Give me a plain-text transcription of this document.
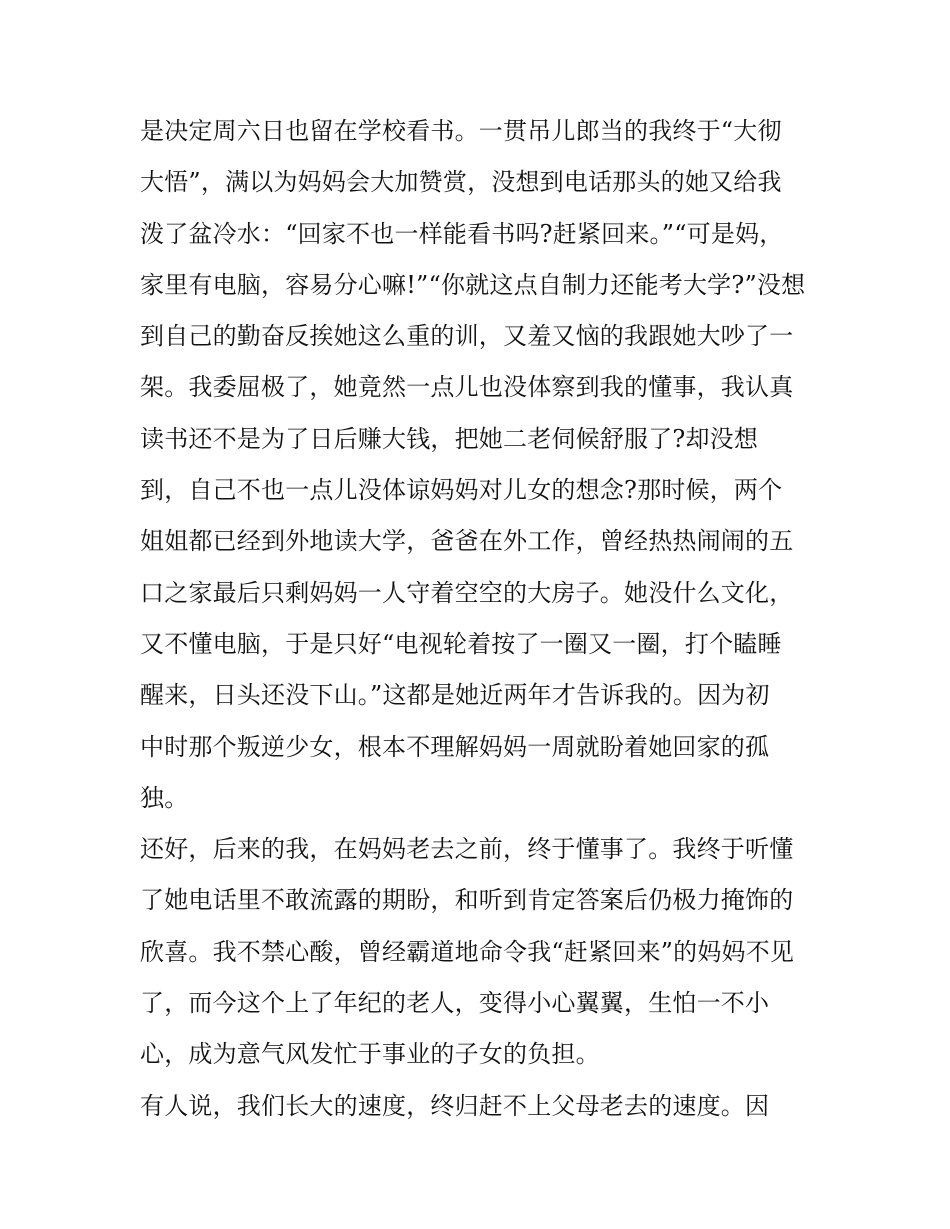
是决定周六日也留在学校看书。一贯吊儿郎当的我终于“大彻
大悟”，满以为妈妈会大加赞赏，没想到电话那头的她又给我
泼了盆冷水：“回家不也一样能看书吗?赶紧回来。”“可是妈，
家里有电脑，容易分心嘛!”“你就这点自制力还能考大学?”没想
到自己的勤奋反挨她这么重的训，又羞又恼的我跟她大吵了一
架。我委屈极了，她竟然一点儿也没体察到我的懂事，我认真
读书还不是为了日后赚大钱，把她二老伺候舒服了?却没想
到，自己不也一点儿没体谅妈妈对儿女的想念?那时候，两个
姐姐都已经到外地读大学，爸爸在外工作，曾经热热闹闹的五
口之家最后只剩妈妈一人守着空空的大房子。她没什么文化，
又不懂电脑，于是只好“电视轮着按了一圈又一圈，打个瞌睡
醒来，日头还没下山。”这都是她近两年才告诉我的。因为初
中时那个叛逆少女，根本不理解妈妈一周就盼着她回家的孤
独。
还好，后来的我，在妈妈老去之前，终于懂事了。我终于听懂
了她电话里不敢流露的期盼，和听到肯定答案后仍极力掩饰的
欣喜。我不禁心酸，曾经霸道地命令我“赶紧回来”的妈妈不见
了，而今这个上了年纪的老人，变得小心翼翼，生怕一不小
心，成为意气风发忙于事业的子女的负担。
有人说，我们长大的速度，终归赶不上父母老去的速度。因
